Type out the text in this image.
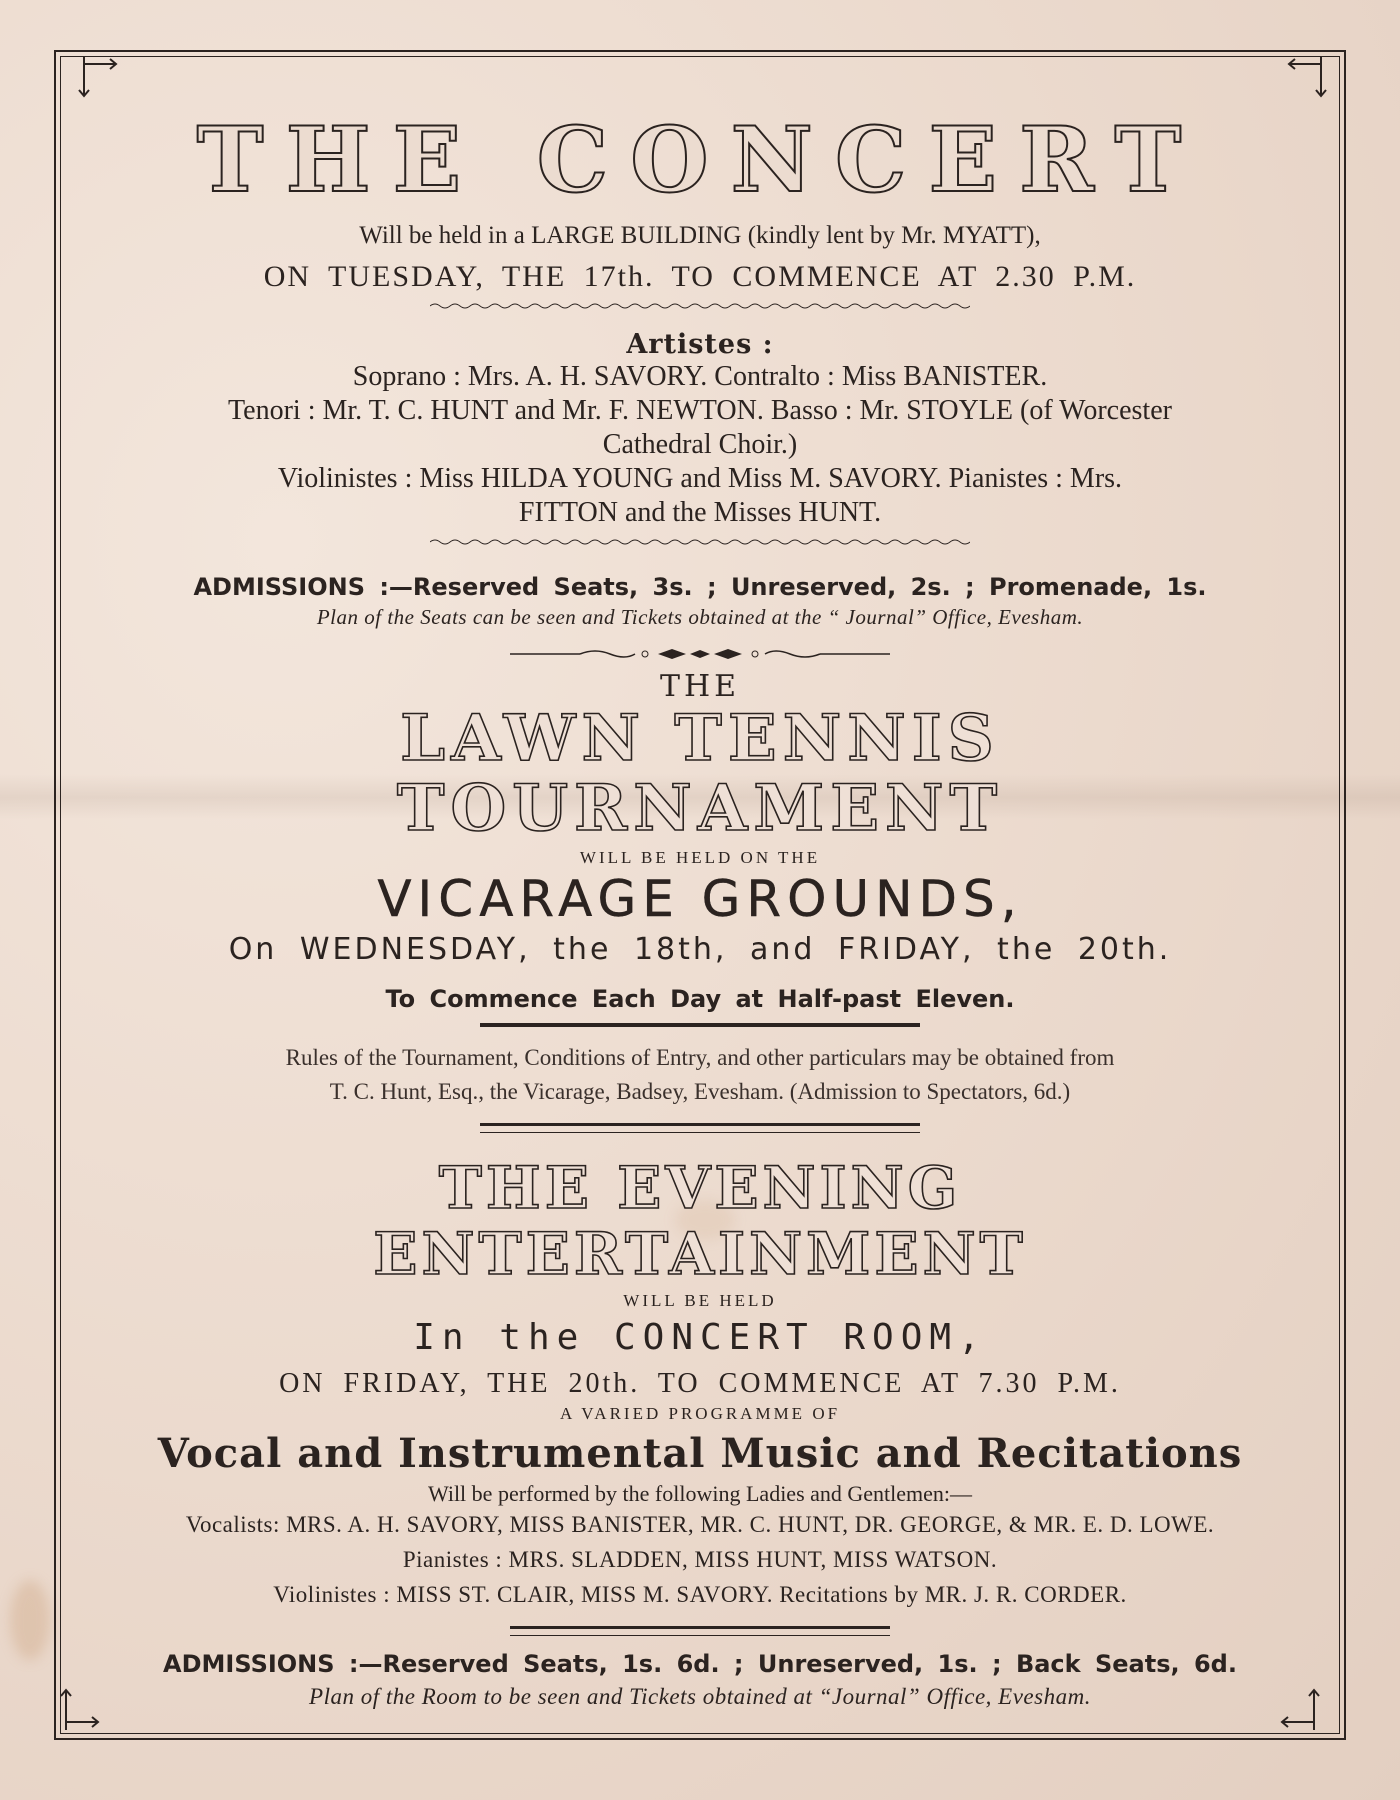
THE CONCERT
Will be held in a LARGE BUILDING (kindly lent by Mr. MYATT),
ON TUESDAY, THE 17th. TO COMMENCE AT 2.30 P.M.
Artistes :
Soprano : Mrs. A. H. SAVORY. Contralto : Miss BANISTER.
Tenori : Mr. T. C. HUNT and Mr. F. NEWTON. Basso : Mr. STOYLE (of Worcester
Cathedral Choir.)
Violinistes : Miss HILDA YOUNG and Miss M. SAVORY. Pianistes : Mrs.
FITTON and the Misses HUNT.
ADMISSIONS :—Reserved Seats, 3s. ; Unreserved, 2s. ; Promenade, 1s.
Plan of the Seats can be seen and Tickets obtained at the “ Journal” Office, Evesham.
THE
LAWN TENNIS TOURNAMENT
WILL BE HELD ON THE
VICARAGE GROUNDS,
On WEDNESDAY, the 18th, and FRIDAY, the 20th.
To Commence Each Day at Half-past Eleven.
Rules of the Tournament, Conditions of Entry, and other particulars may be obtained from
T. C. Hunt, Esq., the Vicarage, Badsey, Evesham. (Admission to Spectators, 6d.)
THE EVENING ENTERTAINMENT
WILL BE HELD
In the CONCERT ROOM,
ON FRIDAY, THE 20th. TO COMMENCE AT 7.30 P.M.
A VARIED PROGRAMME OF
Vocal and Instrumental Music and Recitations
Will be performed by the following Ladies and Gentlemen:—
Vocalists: MRS. A. H. SAVORY, MISS BANISTER, MR. C. HUNT, DR. GEORGE, & MR. E. D. LOWE.
Pianistes : MRS. SLADDEN, MISS HUNT, MISS WATSON.
Violinistes : MISS ST. CLAIR, MISS M. SAVORY. Recitations by MR. J. R. CORDER.
ADMISSIONS :—Reserved Seats, 1s. 6d. ; Unreserved, 1s. ; Back Seats, 6d.
Plan of the Room to be seen and Tickets obtained at “Journal” Office, Evesham.
